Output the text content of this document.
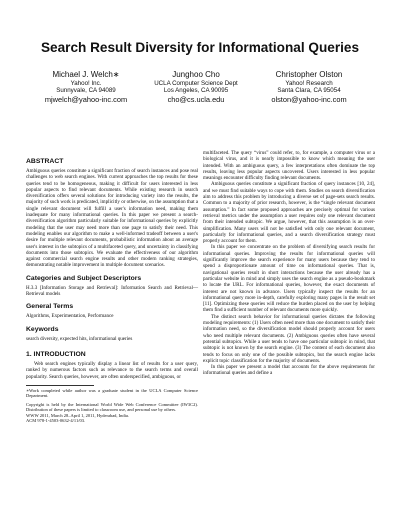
Search Result Diversity for Informational Queries
Michael J. Welch∗
Yahoo! Inc.
Sunnyvale, CA 94089
mjwelch@yahoo-inc.com
Junghoo Cho
UCLA Computer Science Dept
Los Angeles, CA 90095
cho@cs.ucla.edu
Christopher Olston
Yahoo! Research
Santa Clara, CA 95054
olston@yahoo-inc.com
ABSTRACT

Ambiguous queries constitute a significant fraction of search instances and pose real challenges to web search engines. With current approaches the top results for these queries tend to be homogeneous, making it difficult for users interested in less popular aspects to find relevant documents. While existing research in search diversification offers several solutions for introducing variety into the results, the majority of such work is predicated, implicitly or otherwise, on the assumption that a single relevant document will fulfill a user's information need, making them inadequate for many informational queries. In this paper we present a search-diversification algorithm particularly suitable for informational queries by explicitly modeling that the user may need more than one page to satisfy their need. This modeling enables our algorithm to make a well-informed tradeoff between a user's desire for multiple relevant documents, probabilistic information about an average user's interest in the subtopics of a multifaceted query, and uncertainty in classifying documents into those subtopics. We evaluate the effectiveness of our algorithm against commercial search engine results and other modern ranking strategies, demonstrating notable improvement in multiple document scenarios.

Categories and Subject Descriptors

H.3.3 [Information Storage and Retrieval]: Information Search and Retrieval—Retrieval models

General Terms

Algorithms, Experimentation, Performance

Keywords

search diversity, expected hits, informational queries

1. INTRODUCTION

Web search engines typically display a linear list of results for a user query, ranked by numerous factors such as relevance to the search terms and overall popularity. Search queries, however, are often underspecified, ambiguous, or

∗Work completed while author was a graduate student in the UCLA Computer Science Department.

Copyright is held by the International World Wide Web Conference Committee (IW3C2). Distribution of these papers is limited to classroom use, and personal use by others.

WWW 2011, March 28–April 1, 2011, Hyderabad, India.

ACM 978-1-4503-0632-4/11/03.

multifaceted. The query “virus” could refer, to, for example, a computer virus or a biological virus, and it is nearly impossible to know which meaning the user intended. With an ambiguous query, a few interpretations often dominate the top results, leaving less popular aspects uncovered. Users interested in less popular meanings encounter difficulty finding relevant documents.

Ambiguous queries constitute a significant fraction of query instances [10, 24], and we must find suitable ways to cope with them. Studies on search diversification aim to address this problem by introducing a diverse set of page-sets search results. Common to a majority of prior research, however, is the “single relevant document assumption.” In fact some proposed approaches are precisely optimal for various retrieval metrics under the assumption a user requires only one relevant document from their intended subtopic. We argue, however, that this assumption is an over-simplification. Many users will not be satisfied with only one relevant document, particularly for informational queries, and a search diversification strategy must properly account for them.

In this paper we concentrate on the problem of diversifying search results for informational queries. Improving the results for informational queries will significantly improve the search experience for many users because they tend to spend a disproportionate amount of time on informational queries. That is, navigational queries result in short interactions because the user already has a particular website in mind and simply uses the search engine as a pseudo-bookmark to locate the URL. For informational queries, however, the exact documents of interest are not known in advance. Users typically inspect the results for an informational query more in-depth, carefully exploring many pages in the result set [11]. Optimizing these queries will reduce the burden placed on the user by helping them find a sufficient number of relevant documents more quickly.

The distinct search behavior for informational queries dictates the following modeling requirements: (1) Users often need more than one document to satisfy their information need, so the diversification model should properly account for users who need multiple relevant documents. (2) Ambiguous queries often have several potential subtopics. While a user tends to have one particular subtopic in mind, that subtopic is not known by the search engine. (3) The content of each document also tends to focus on only one of the possible subtopics, but the search engine lacks explicit topic classification for the majority of documents.

In this paper we present a model that accounts for the above requirements for informational queries and define a
